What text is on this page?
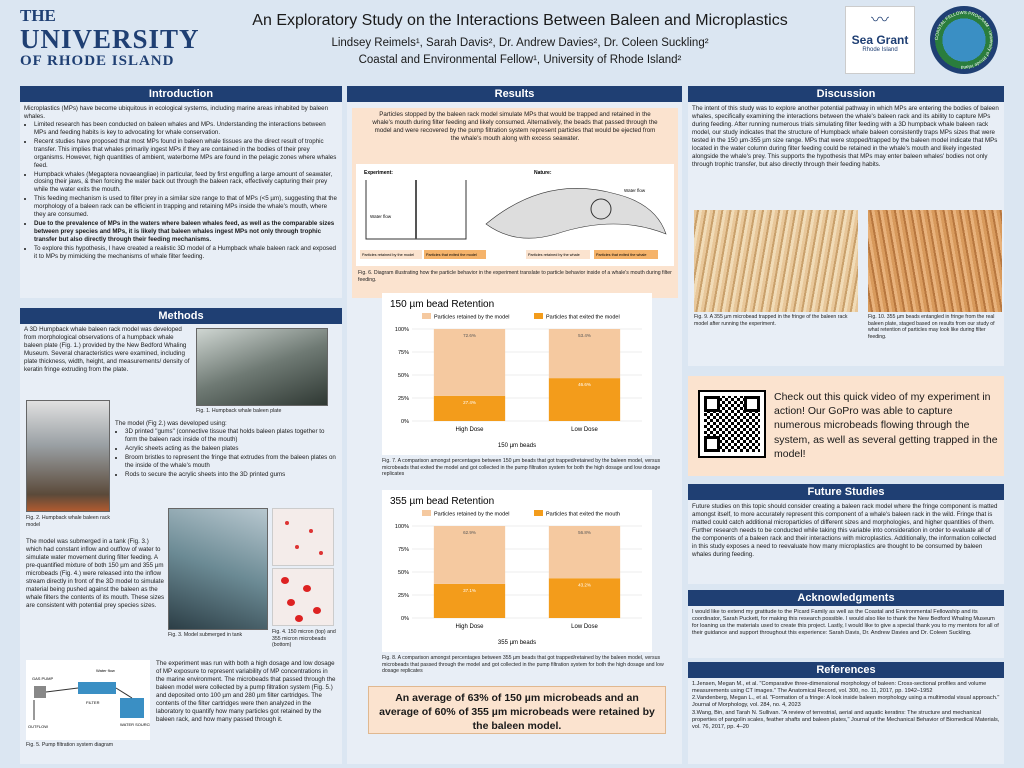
THE
UNIVERSITY
OF RHODE ISLAND
An Exploratory Study on the Interactions Between Baleen and Microplastics
Lindsey Reimels¹, Sarah Davis², Dr. Andrew Davies², Dr. Coleen Suckling²
Coastal and Environmental Fellow¹, University of Rhode Island²
〰
Sea Grant
Rhode Island
COASTAL FELLOWS PROGRAM · University of Rhode Island
Introduction
Microplastics (MPs) have become ubiquitous in ecological systems, including marine areas inhabited by baleen whales.
• Limited research has been conducted on baleen whales and MPs. Understanding the interactions between MPs and feeding habits is key to advocating for whale conservation.
• Recent studies have proposed that most MPs found in baleen whale tissues are the direct result of trophic transfer. This implies that whales primarily ingest MPs if they are contained in the bodies of their prey organisms. However, high quantities of ambient, waterborne MPs are found in the pelagic zones where whales feed.
• Humpback whales (Megaptera novaeangliae) in particular, feed by first engulfing a large amount of seawater, closing their jaws, & then forcing the water back out through the baleen rack, effectively capturing their prey while the water exits the mouth.
• This feeding mechanism is used to filter prey in a similar size range to that of MPs (<5 µm), suggesting that the morphology of a baleen rack can be efficient in trapping and retaining MPs inside the whale's mouth, where they are consumed.
• Due to the prevalence of MPs in the waters where baleen whales feed, as well as the comparable sizes between prey species and MPs, it is likely that baleen whales ingest MPs not only through trophic transfer but also directly through their feeding mechanisms.
• To explore this hypothesis, I have created a realistic 3D model of a Humpback whale baleen rack and exposed it to MPs by mimicking the mechanisms of whale filter feeding.
Methods
A 3D Humpback whale baleen rack model was developed from morphological observations of a humpback whale baleen plate (Fig. 1.) provided by the New Bedford Whaling Museum. Several characteristics were examined, including plate thickness, width, height, and measurements/ density of keratin fringe extruding from the plate.
Fig. 1. Humpback whale baleen plate
Fig. 2. Humpback whale baleen rack model
The model (Fig 2.) was developed using:
• 3D printed "gums" (connective tissue that holds baleen plates together to form the baleen rack inside of the mouth)
• Acrylic sheets acting as the baleen plates
• Broom bristles to represent the fringe that extrudes from the baleen plates on the inside of the whale's mouth
• Rods to secure the acrylic sheets into the 3D printed gums
The model was submerged in a tank (Fig. 3.) which had constant inflow and outflow of water to simulate water movement during filter feeding. A pre-quantified mixture of both 150 µm and 355 µm microbeads (Fig. 4.) were released into the inflow stream directly in front of the 3D model to simulate material being pushed against the baleen as the whale filters the contents of its mouth. These sizes are consistent with potential prey species sizes.
Fig. 3. Model submerged in tank	Fig. 4. 150 micron (top) and 355 micron microbeads (bottom)
GAS PUMP
Water flow
FILTER
WATER SOURCE
OUTFLOW
Fig. 5. Pump filtration system diagram
The experiment was run with both a high dosage and low dosage of MP exposure to represent variability of MP concentrations in the marine environment. The microbeads that passed through the baleen model were collected by a pump filtration system (Fig. 5.) and deposited onto 100 µm and 280 µm filter cartridges. The contents of the filter cartridges were then analyzed in the laboratory to quantify how many particles got retained by the baleen rack, and how many passed through it.
Results
Particles stopped by the baleen rack model simulate MPs that would be trapped and retained in the whale's mouth during filter feeding and likely consumed. Alternatively, the beads that passed through the model and were recovered by the pump filtration system represent particles that would be ejected from the whale's mouth along with excess seawater.
Experiment:	Nature:
Water flow
Water flow
Particles retained by the model	Particles that exited the model	Particles retained by the whale	Particles that exited the whale
Fig. 6. Diagram illustrating how the particle behavior in the experiment translate to particle behavior inside of a whale's mouth during filter feeding.
150 µm bead Retention
Particles retained by the model	Particles that exited the model
0%
25%
50%
75%
100%
27.4%
72.6%
High Dose
46.6%
53.4%
Low Dose
150 µm beads
Fig. 7. A comparison amongst percentages between 150 µm beads that got trapped/retained by the baleen model, versus microbeads that exited the model and got collected in the pump filtration system for both the high dosage and low dosage replicates
355 µm bead Retention
Particles retained by the model	Particles that exited the mouth
0%
25%
50%
75%
100%
37.1%
62.9%
High Dose
43.2%
56.8%
Low Dose
355 µm beads
Fig. 8. A comparison amongst percentages between 355 µm beads that got trapped/retained by the baleen model, versus microbeads that passed through the model and got collected in the pump filtration system for both the high dosage and low dosage replicates
An average of 63% of 150 µm microbeads and an average of 60% of 355 µm microbeads were retained by the baleen model.
Discussion
The intent of this study was to explore another potential pathway in which MPs are entering the bodies of baleen whales, specifically examining the interactions between the whale's baleen rack and its ability to capture MPs during feeding. After running numerous trials simulating filter feeding with a 3D humpback whale baleen rack model, our study indicates that the structure of Humpback whale baleen consistently traps MPs sizes that were tested in the 150 µm-355 µm size range. MPs that were stopped/trapped by the baleen model indicate that MPs located in the water column during filter feeding could be retained in the whale's mouth and likely ingested alongside the whale's prey. This supports the hypothesis that MPs may enter baleen whales' bodies not only through trophic transfer, but also directly through their feeding habits.
Fig. 9. A 355 µm microbead trapped in the fringe of the baleen rack model after running the experiment.
Fig. 10. 355 µm beads entangled in fringe from the real baleen plate, staged based on results from our study of what retention of particles may look like during filter feeding.
Check out this quick video of my experiment in action! Our GoPro was able to capture numerous microbeads flowing through the system, as well as several getting trapped in the model!
Future Studies
Future studies on this topic should consider creating a baleen rack model where the fringe component is matted amongst itself, to more accurately represent this component of a whale's baleen rack in the wild. Fringe that is matted could catch additional microparticles of different sizes and morphologies, and higher quantities of them. Further research needs to be conducted while taking this variable into consideration in order to evaluate all of the components of a baleen rack and their interactions with microplastics. Additionally, the information collected in this study exposes a need to reevaluate how many microplastics are thought to be consumed by baleen whales during feeding.
Acknowledgments
I would like to extend my gratitude to the Picard Family as well as the Coastal and Environmental Fellowship and its coordinator, Sarah Puckett, for making this research possible. I would also like to thank the New Bedford Whaling Museum for loaning us the materials used to create this project. Lastly, I would like to give a special thank you to my mentors for all of their guidance and support throughout this experience: Sarah Davis, Dr. Andrew Davies and Dr. Coleen Suckling.
References
1.Jensen, Megan M., et al. "Comparative three-dimensional morphology of baleen: Cross-sectional profiles and volume measurements using CT images." The Anatomical Record, vol. 300, no. 11, 2017, pp. 1942–1952
2.Vandenberg, Megan L., et al. "Formation of a fringe: A look inside baleen morphology using a multimodal visual approach." Journal of Morphology, vol. 284, no. 4, 2023
3.Wang, Bin, and Tarah N. Sullivan. "A review of terrestrial, aerial and aquatic keratins: The structure and mechanical properties of pangolin scales, feather shafts and baleen plates," Journal of the Mechanical Behavior of Biomedical Materials, vol. 76, 2017, pp. 4–20
